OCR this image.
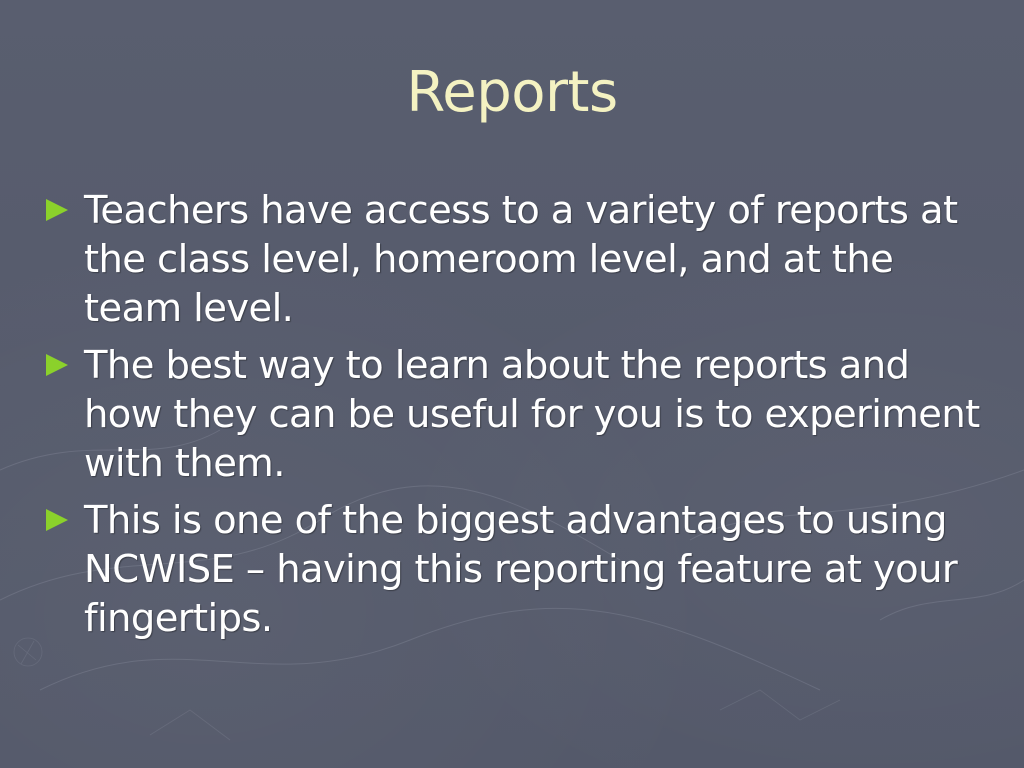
Reports
Teachers have access to a variety of reports at the class level, homeroom level, and at the team level.
The best way to learn about the reports and how they can be useful for you is to experiment with them.
This is one of the biggest advantages to using NCWISE – having this reporting feature at your fingertips.
